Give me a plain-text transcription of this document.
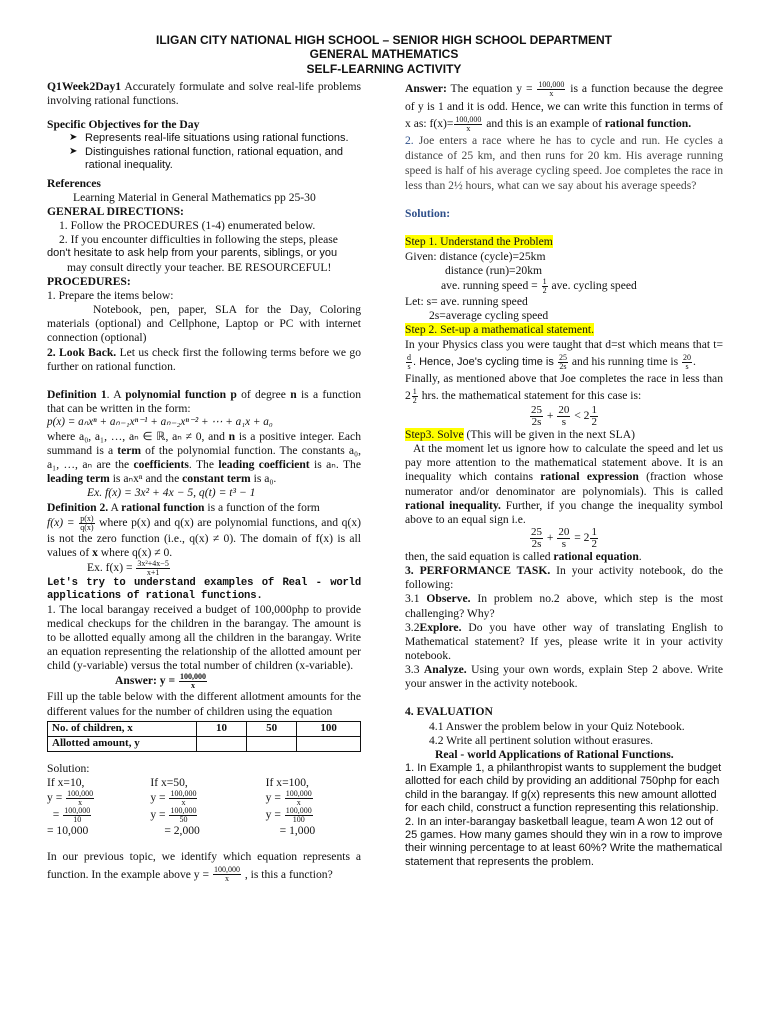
ILIGAN CITY NATIONAL HIGH SCHOOL – SENIOR HIGH SCHOOL DEPARTMENT
GENERAL MATHEMATICS
SELF-LEARNING ACTIVITY

Q1Week2Day1 Accurately formulate and solve real-life problems involving rational functions.

Specific Objectives for the Day

➤ Represents real-life situations using rational functions.
➤ Distinguishes rational function, rational equation, and rational inequality.

References

Learning Material in General Mathematics pp 25-30

GENERAL DIRECTIONS:

1. Follow the PROCEDURES (1-4) enumerated below.

2. If you encounter difficulties in following the steps, please

don't hesitate to ask help from your parents, siblings, or you

may consult directly your teacher. BE RESOURCEFUL!

PROCEDURES:

1. Prepare the items below:

Notebook, pen, paper, SLA for the Day, Coloring materials (optional) and Cellphone, Laptop or PC with internet connection (optional)

2. Look Back. Let us check first the following terms before we go further on rational function.

Definition 1. A polynomial function p of degree n is a function that can be written in the form:

p(x) = aₙxⁿ + aₙ₋₁xⁿ⁻¹ + aₙ₋₂xⁿ⁻² + ⋯ + a₁x + a₀

where a₀, a₁, …, aₙ ∈ ℝ, aₙ ≠ 0, and n is a positive integer. Each summand is a term of the polynomial function. The constants a₀, a₁, …, aₙ are the coefficients. The leading coefficient is aₙ. The leading term is aₙxⁿ and the constant term is a₀.

Ex. f(x) = 3x² + 4x − 5, q(t) = t³ − 1

Definition 2. A rational function is a function of the form
$f(x) = \frac{p(x)}{q(x)}$ where p(x) and q(x) are polynomial functions, and q(x) is not the zero function (i.e., q(x) ≠ 0). The domain of f(x) is all values of x where q(x) ≠ 0.

Ex. $f(x) = \frac{\text{3x²+4x−5}}{x+1}$

Let's try to understand examples of Real - world applications of rational functions.

1. The local barangay received a budget of 100,000php to provide medical checkups for the children in the barangay. The amount is to be allotted equally among all the children in the barangay. Write an equation representing the relationship of the allotted amount per child (y-variable) versus the total number of children (x-variable).

Answer: $y = \frac{100,000}{x}$

Fill up the table below with the different allotment amounts for the different values for the number of children using the equation

No. of children, x	10	50	100
Allotted amount, y			

Solution:

If x=10,

$y = \frac{100,000}{x}$

= $\frac{100,000}{10}$

= 10,000

If x=50,

$y = \frac{100,000}{x}$

$y = \frac{100,000}{50}$

= 2,000

If x=100,

$y = \frac{100,000}{x}$

$y = \frac{100,000}{100}$

= 1,000

In our previous topic, we identify which equation represents a function. In the example above $y = \frac{100,000}{x}$ , is this a function?

Answer: The equation $y = \frac{100,000}{x}$ is a function because the degree of y is 1 and it is odd. Hence, we can write this function in terms of x as: $f(x)= \frac{100,000}{x}$ and this is an example of rational function.

2. Joe enters a race where he has to cycle and run. He cycles a distance of 25 km, and then runs for 20 km. His average running speed is half of his average cycling speed. Joe completes the race in less than 2½ hours, what can we say about his average speeds?

Solution:

Step 1. Understand the Problem

Given: distance (cycle)=25km

distance (run)=20km

ave. running speed = $\frac{1}{2}$ ave. cycling speed

Let: s= ave. running speed

2s=average cycling speed

Step 2. Set-up a mathematical statement.

In your Physics class you were taught that d=st which means that t=
$\frac{d}{s}$ . Hence, Joe's cycling time is $\frac{25}{2s}$ and his running time is $\frac{20}{s}$ .

Finally, as mentioned above that Joe completes the race in less than $2 \frac{1}{2}$ hrs. the mathematical statement for this case is:

$\frac{25}{2s} + \frac{20}{s} < 2 \frac{1}{2}$

Step3. Solve (This will be given in the next SLA)

At the moment let us ignore how to calculate the speed and let us pay more attention to the mathematical statement above. It is an inequality which contains rational expression (fraction whose numerator and/or denominator are polynomials). This is called rational inequality. Further, if you change the inequality symbol above to an equal sign i.e.

$\frac{25}{2s} + \frac{20}{s} = 2 \frac{1}{2}$

then, the said equation is called rational equation.

3. PERFORMANCE TASK. In your activity notebook, do the following:

3.1 Observe. In problem no.2 above, which step is the most challenging? Why?

3.2Explore. Do you have other way of translating English to Mathematical statement? If yes, please write it in your activity notebook.

3.3 Analyze. Using your own words, explain Step 2 above. Write your answer in the activity notebook.

4. EVALUATION

4.1 Answer the problem below in your Quiz Notebook.

4.2 Write all pertinent solution without erasures.

Real - world Applications of Rational Functions.

1. In Example 1, a philanthropist wants to supplement the budget allotted for each child by providing an additional 750php for each child in the barangay. If g(x) represents this new amount allotted for each child, construct a function representing this relationship.

2. In an inter-barangay basketball league, team A won 12 out of 25 games. How many games should they win in a row to improve their winning percentage to at least 60%? Write the mathematical statement that represents the problem.
